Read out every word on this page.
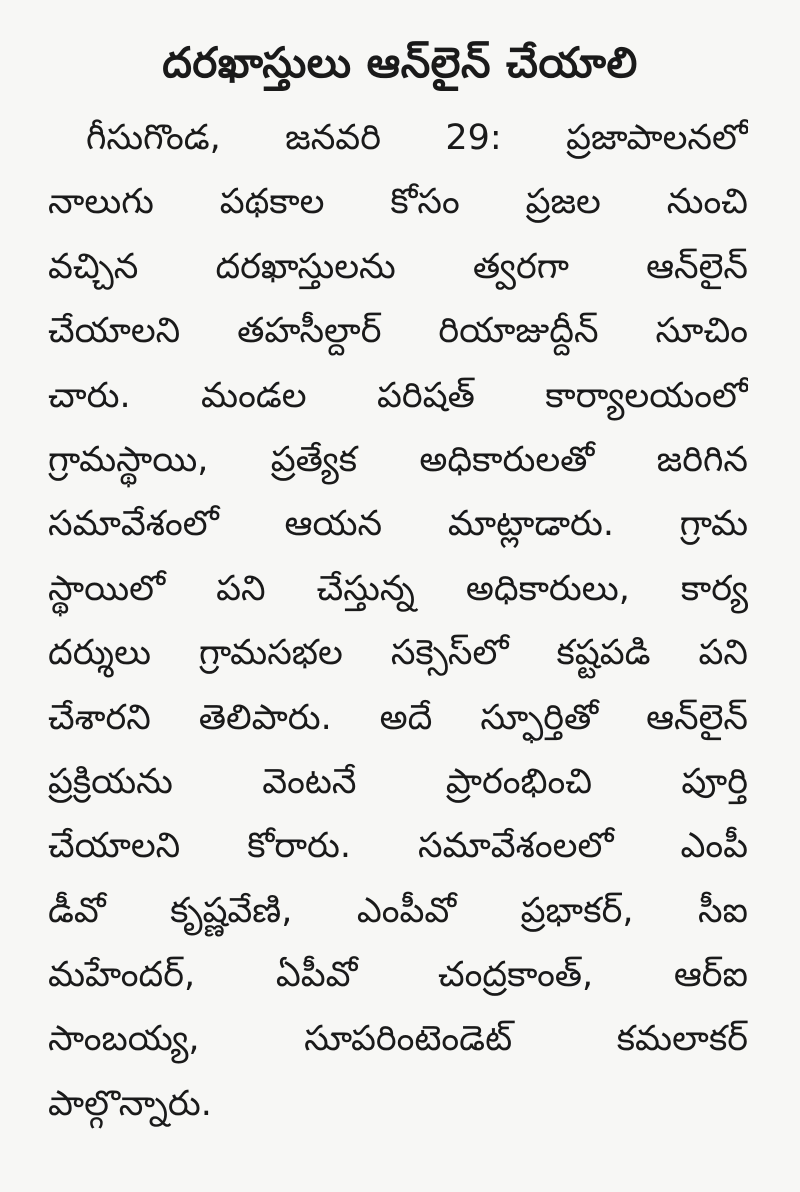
దరఖాస్తులు ఆన్‌లైన్ చేయాలి
గీసుగొండ, జనవరి 29: ప్రజాపాలనలో
నాలుగు పథకాల కోసం ప్రజల నుంచి
వచ్చిన దరఖాస్తులను త్వరగా ఆన్‌లైన్
చేయాలని తహసీల్దార్ రియాజుద్దీన్ సూచిం
చారు. మండల పరిషత్ కార్యాలయంలో
గ్రామస్థాయి, ప్రత్యేక అధికారులతో జరిగిన
సమావేశంలో ఆయన మాట్లాడారు. గ్రామ
స్థాయిలో పని చేస్తున్న అధికారులు, కార్య
దర్శులు గ్రామసభల సక్సెస్‌లో కష్టపడి పని
చేశారని తెలిపారు. అదే స్ఫూర్తితో ఆన్‌లైన్
ప్రక్రియను వెంటనే ప్రారంభించి పూర్తి
చేయాలని కోరారు. సమావేశంలలో ఎంపీ
డీవో కృష్ణవేణి, ఎంపీవో ప్రభాకర్, సీఐ
మహేందర్, ఏపీవో చంద్రకాంత్, ఆర్ఐ
సాంబయ్య, సూపరింటెండెట్ కమలాకర్
పాల్గొన్నారు.
